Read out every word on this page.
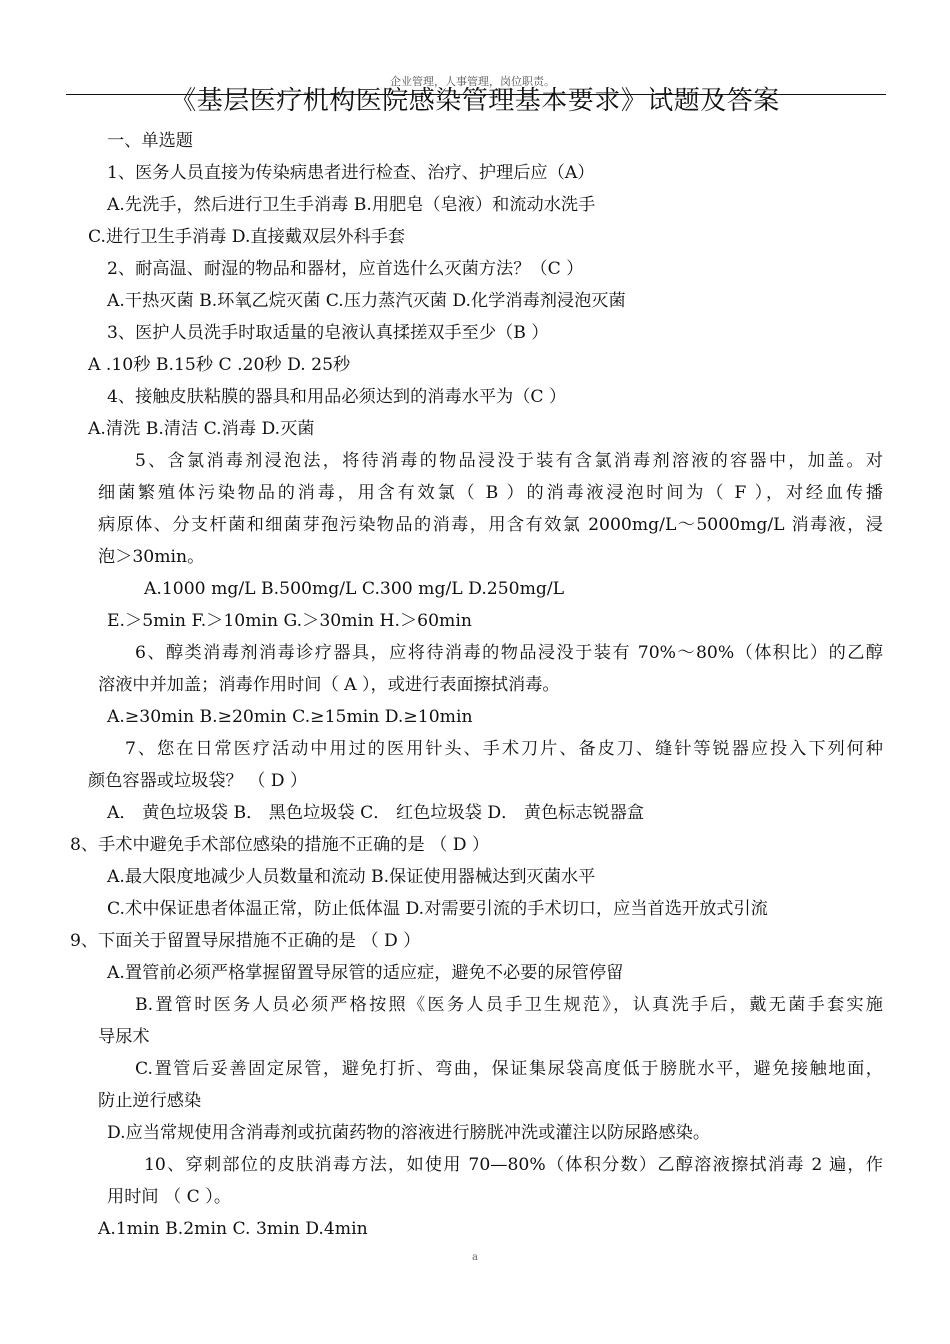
企业管理，人事管理，岗位职责。
《基层医疗机构医院感染管理基本要求》试题及答案
一、单选题
1、医务人员直接为传染病患者进行检查、治疗、护理后应（A）
A.先洗手，然后进行卫生手消毒 B.用肥皂（皂液）和流动水洗手
C.进行卫生手消毒 D.直接戴双层外科手套
2、耐高温、耐湿的物品和器材，应首选什么灭菌方法？（C ）
A.干热灭菌 B.环氧乙烷灭菌 C.压力蒸汽灭菌 D.化学消毒剂浸泡灭菌
3、医护人员洗手时取适量的皂液认真揉搓双手至少（B ）
A .10秒 B.15秒 C .20秒 D. 25秒
4、接触皮肤粘膜的器具和用品必须达到的消毒水平为（C ）
A.清洗 B.清洁 C.消毒 D.灭菌
5、含氯消毒剂浸泡法，将待消毒的物品浸没于装有含氯消毒剂溶液的容器中，加盖。对
细菌繁殖体污染物品的消毒，用含有效氯（ B ）的消毒液浸泡时间为（ F ），对经血传播
病原体、分支杆菌和细菌芽孢污染物品的消毒，用含有效氯 2000mg/L～5000mg/L 消毒液，浸
泡＞30min。
A.1000 mg/L B.500mg/L C.300 mg/L D.250mg/L
E.＞5min F.＞10min G.＞30min H.＞60min
6、醇类消毒剂消毒诊疗器具，应将待消毒的物品浸没于装有 70%～80%（体积比）的乙醇
溶液中并加盖；消毒作用时间（ A ），或进行表面擦拭消毒。
A.≥30min B.≥20min C.≥15min D.≥10min
7、您在日常医疗活动中用过的医用针头、手术刀片、备皮刀、缝针等锐器应投入下列何种
颜色容器或垃圾袋？ （ D ）
A． 黄色垃圾袋 B． 黑色垃圾袋 C． 红色垃圾袋 D． 黄色标志锐器盒
8、手术中避免手术部位感染的措施不正确的是 （ D ）
A.最大限度地减少人员数量和流动 B.保证使用器械达到灭菌水平
C.术中保证患者体温正常，防止低体温 D.对需要引流的手术切口，应当首选开放式引流
9、下面关于留置导尿措施不正确的是 （ D ）
A.置管前必须严格掌握留置导尿管的适应症，避免不必要的尿管停留
B.置管时医务人员必须严格按照《医务人员手卫生规范》，认真洗手后，戴无菌手套实施
导尿术
C.置管后妥善固定尿管，避免打折、弯曲，保证集尿袋高度低于膀胱水平，避免接触地面，
防止逆行感染
D.应当常规使用含消毒剂或抗菌药物的溶液进行膀胱冲洗或灌注以防尿路感染。
10、穿刺部位的皮肤消毒方法，如使用 70—80%（体积分数）乙醇溶液擦拭消毒 2 遍，作
用时间 （ C ）。
A.1min B.2min C. 3min D.4min
a
